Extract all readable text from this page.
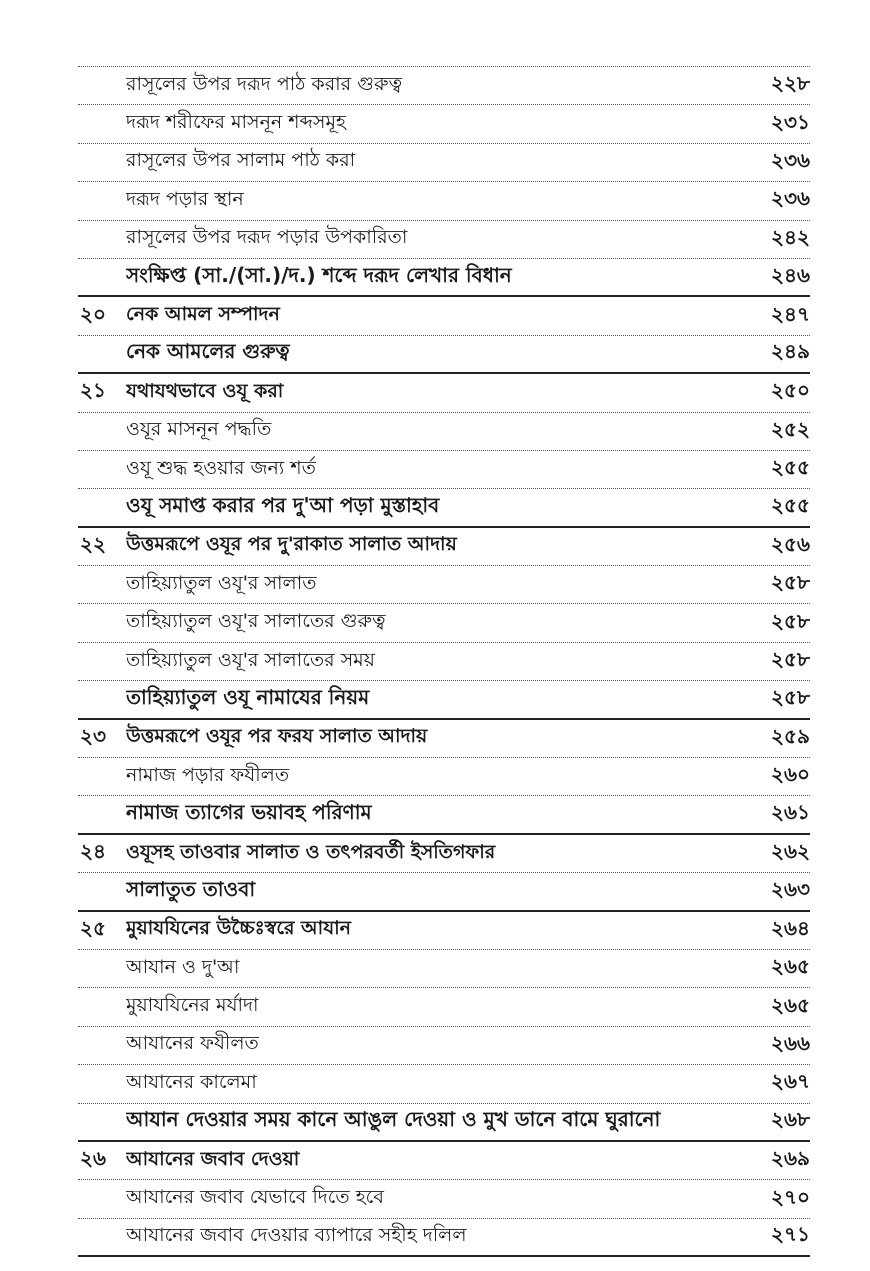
রাসূলের উপর দরূদ পাঠ করার গুরুত্ব	২২৮
দরূদ শরীফের মাসনূন শব্দসমূহ	২৩১
রাসূলের উপর সালাম পাঠ করা	২৩৬
দরূদ পড়ার স্থান	২৩৬
রাসূলের উপর দরূদ পড়ার উপকারিতা	২৪২
সংক্ষিপ্ত (সা./(সা.)/দ.) শব্দে দরূদ লেখার বিধান	২৪৬
২০	নেক আমল সম্পাদন	২৪৭
নেক আমলের গুরুত্ব	২৪৯
২১	যথাযথভাবে ওযূ করা	২৫০
ওযূর মাসনূন পদ্ধতি	২৫২
ওযূ শুদ্ধ হওয়ার জন্য শর্ত	২৫৫
ওযূ সমাপ্ত করার পর দু'আ পড়া মুস্তাহাব	২৫৫
২২	উত্তমরূপে ওযূর পর দু'রাকাত সালাত আদায়	২৫৬
তাহিয়্যাতুল ওযূ'র সালাত	২৫৮
তাহিয়্যাতুল ওযূ'র সালাতের গুরুত্ব	২৫৮
তাহিয়্যাতুল ওযূ'র সালাতের সময়	২৫৮
তাহিয়্যাতুল ওযূ নামাযের নিয়ম	২৫৮
২৩	উত্তমরূপে ওযূর পর ফরয সালাত আদায়	২৫৯
নামাজ পড়ার ফযীলত	২৬০
নামাজ ত্যাগের ভয়াবহ পরিণাম	২৬১
২৪	ওযূসহ তাওবার সালাত ও তৎপরবর্তী ইসতিগফার	২৬২
সালাতুত তাওবা	২৬৩
২৫	মুয়াযযিনের উচ্চৈঃস্বরে আযান	২৬৪
আযান ও দু'আ	২৬৫
মুয়াযযিনের মর্যাদা	২৬৫
আযানের ফযীলত	২৬৬
আযানের কালেমা	২৬৭
আযান দেওয়ার সময় কানে আঙুল দেওয়া ও মুখ ডানে বামে ঘুরানো	২৬৮
২৬	আযানের জবাব দেওয়া	২৬৯
আযানের জবাব যেভাবে দিতে হবে	২৭০
আযানের জবাব দেওয়ার ব্যাপারে সহীহ দলিল	২৭১
